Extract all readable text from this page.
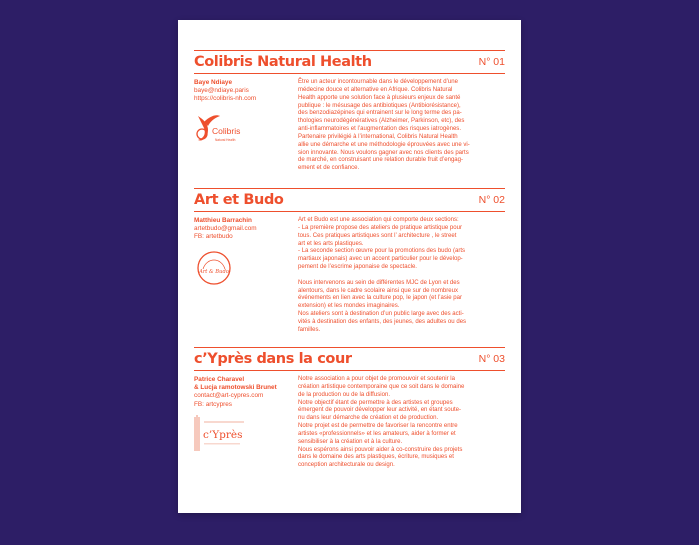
Colibris Natural Health	N° 01
Baye Ndiaye
baye@ndiaye.paris
https://colibris-nh.com
Colibris
Natural Health
Être un acteur incontournable dans le développement d’une
médecine douce et alternative en Afrique. Colibris Natural
Health apporte une solution face à plusieurs enjeux de santé
publique : le mésusage des antibiotiques (Antibiorésistance),
des benzodiazépines qui entrainent sur le long terme des pa-
thologies neurodégénératives (Alzheimer, Parkinson, etc), des
anti-inflammatoires et l’augmentation des risques iatrogènes.
Partenaire privilégié à l’international, Colibris Natural Health
allie une démarche et une méthodologie éprouvées avec une vi-
sion innovante. Nous voulons gagner avec nos clients des parts
de marché, en construisant une relation durable fruit d’engag-
ement et de confiance.
Art et Budo	N° 02
Matthieu Barrachin
artetbudo@gmail.com
FB: artetbudo
Art & Budo
Art et Budo est une association qui comporte deux sections:
- La première propose des ateliers de pratique artistique pour
tous. Ces pratiques artistiques sont l’ architecture , le street
art et les arts plastiques.
- La seconde section œuvre pour la promotions des budo (arts
martiaux japonais) avec un accent particulier pour le dévelop-
pement de l’escrime japonaise de spectacle.
Nous intervenons au sein de différentes MJC de Lyon et des
alentours, dans le cadre scolaire ainsi que sur de nombreux
événements en lien avec la culture pop, le japon (et l’asie par
extension) et les mondes imaginaires.
Nos ateliers sont à destination d’un public large avec des acti-
vités à destination des enfants, des jeunes, des adultes ou des
familles.
c’Yprès dans la cour	N° 03
Patrice Charavel
& Lucja ramotowski Brunet
contact@art-cypres.com
FB: artcypres
c’Yprès
Notre association a pour objet de promouvoir et soutenir la
création artistique contemporaine que ce soit dans le domaine
de la production ou de la diffusion.
Notre objectif étant de permettre à des artistes et groupes
émergent de pouvoir développer leur activité, en étant soute-
nu dans leur démarche de création et de production.
Notre projet est de permettre de favoriser la rencontre entre
artistes «professionnels» et les amateurs, aider à former et
sensibiliser à la création et à la culture.
Nous espérons ainsi pouvoir aider à co-construire des projets
dans le domaine des arts plastiques, écriture, musiques et
conception architecturale ou design.
